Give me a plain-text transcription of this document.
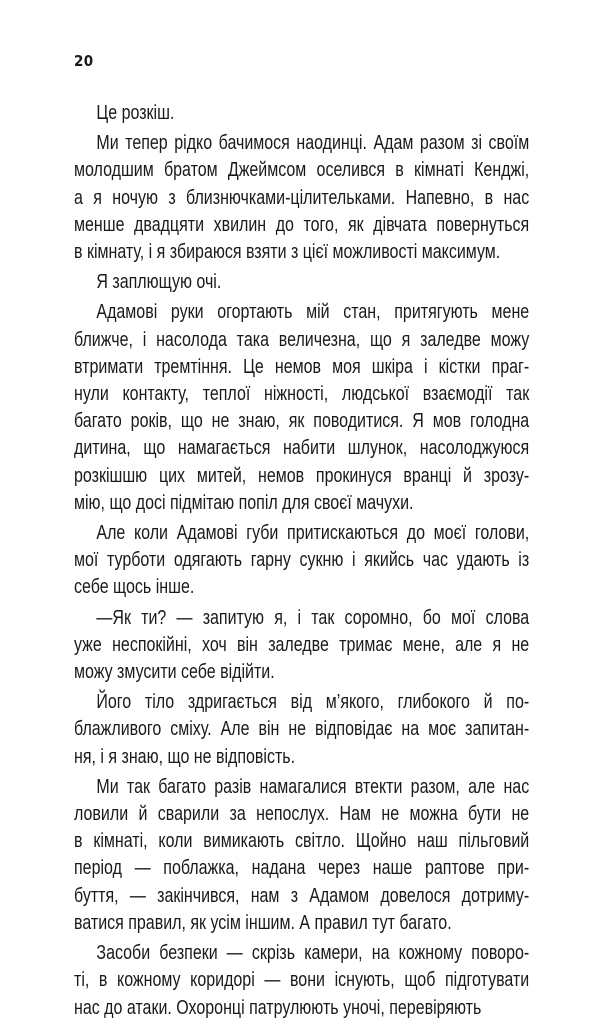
20
Це розкіш.
Ми тепер рідко бачимося наодинці. Адам разом зі своїм
молодшим братом Джеймсом оселився в кімнаті Кенджі,
а я ночую з близнючками-цілительками. Напевно, в нас
менше двадцяти хвилин до того, як дівчата повернуться
в кімнату, і я збираюся взяти з цієї можливості максимум.
Я заплющую очі.
Адамові руки огортають мій стан, притягують мене
ближче, і насолода така величезна, що я заледве можу
втримати тремтіння. Це немов моя шкіра і кістки праг-
нули контакту, теплої ніжності, людської взаємодії так
багато років, що не знаю, як поводитися. Я мов голодна
дитина, що намагається набити шлунок, насолоджуюся
розкішшю цих митей, немов прокинуся вранці й зрозу-
мію, що досі підмітаю попіл для своєї мачухи.
Але коли Адамові губи притискаються до моєї голови,
мої турботи одягають гарну сукню і якийсь час удають із
себе щось інше.
—Як ти? — запитую я, і так соромно, бо мої слова
уже неспокійні, хоч він заледве тримає мене, але я не
можу змусити себе відійти.
Його тіло здригається від м’якого, глибокого й по-
блажливого сміху. Але він не відповідає на моє запитан-
ня, і я знаю, що не відповість.
Ми так багато разів намагалися втекти разом, але нас
ловили й сварили за непослух. Нам не можна бути не
в кімнаті, коли вимикають світло. Щойно наш пільговий
період — поблажка, надана через наше раптове при-
буття, — закінчився, нам з Адамом довелося дотриму-
ватися правил, як усім іншим. А правил тут багато.
Засоби безпеки — скрізь камери, на кожному поворо-
ті, в кожному коридорі — вони існують, щоб підготувати
нас до атаки. Охоронці патрулюють уночі, перевіряють
